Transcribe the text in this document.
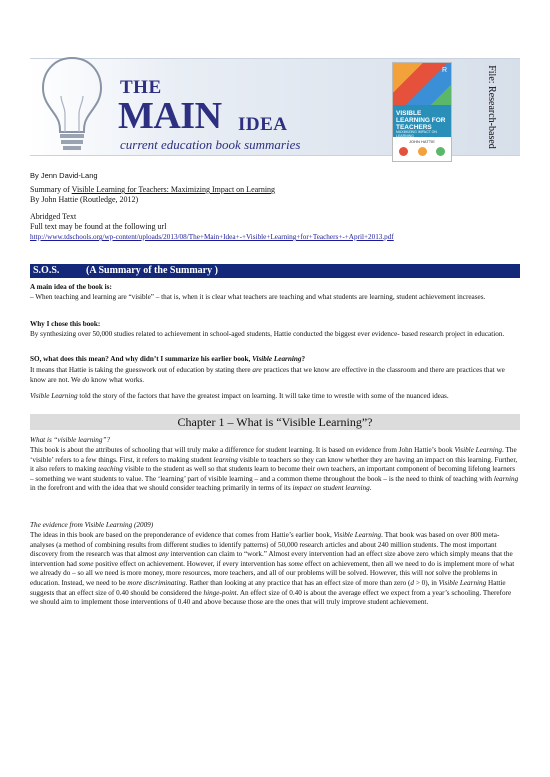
THE
MAIN IDEA
current education book summaries
R
VISIBLE LEARNING FOR TEACHERS
MAXIMIZING IMPACT ON LEARNING
JOHN HATTIE	File: Research-based
By Jenn David-Lang
Summary of Visible Learning for Teachers: Maximizing Impact on Learning
By John Hattie (Routledge, 2012)
Abridged Text
Full text may be found at the following url
http://www.tdschools.org/wp-content/uploads/2013/08/The+Main+Idea+-+Visible+Learning+for+Teachers+-+April+2013.pdf
S.O.S.	(A Summary of the Summary )
A main idea of the book is:
– When teaching and learning are “visible” – that is, when it is clear what teachers are teaching and what students are learning, student achievement increases.
Why I chose this book:
By synthesizing over 50,000 studies related to achievement in school-aged students, Hattie conducted the biggest ever evidence- based research project in education.
SO, what does this mean? And why didn’t I summarize his earlier book, Visible Learning?
It means that Hattie is taking the guesswork out of education by stating there are practices that we know are effective in the classroom and there are practices that we know are not. We do know what works.
Chapter 1 – What is “Visible Learning”?
Visible Learning told the story of the factors that have the greatest impact on learning. It will take time to wrestle with some of the nuanced ideas.
What is “visible learning”?
This book is about the attributes of schooling that will truly make a difference for student learning. It is based on evidence from John Hattie’s book Visible Learning. The ‘visible’ refers to a few things. First, it refers to making student learning visible to teachers so they can know whether they are having an impact on this learning. Further, it also refers to making teaching visible to the student as well so that students learn to become their own teachers, an important component of becoming lifelong learners – something we want students to value. The ‘learning’ part of visible learning – and a common theme throughout the book – is the need to think of teaching with learning in the forefront and with the idea that we should consider teaching primarily in terms of its impact on student learning.
The evidence from Visible Learning (2009)
The ideas in this book are based on the preponderance of evidence that comes from Hattie’s earlier book, Visible Learning. That book was based on over 800 meta-analyses (a method of combining results from different studies to identify patterns) of 50,000 research articles and about 240 million students. The most important discovery from the research was that almost any intervention can claim to “work.” Almost every intervention had an effect size above zero which simply means that the intervention had some positive effect on achievement. However, if every intervention has some effect on achievement, then all we need to do is implement more of what we already do – so all we need is more money, more resources, more teachers, and all of our problems will be solved. However, this will not solve the problems in education. Instead, we need to be more discriminating. Rather than looking at any practice that has an effect size of more than zero (d > 0), in Visible Learning Hattie suggests that an effect size of 0.40 should be considered the hinge-point. An effect size of 0.40 is about the average effect we expect from a year’s schooling. Therefore we should aim to implement those interventions of 0.40 and above because those are the ones that will truly improve student achievement.
